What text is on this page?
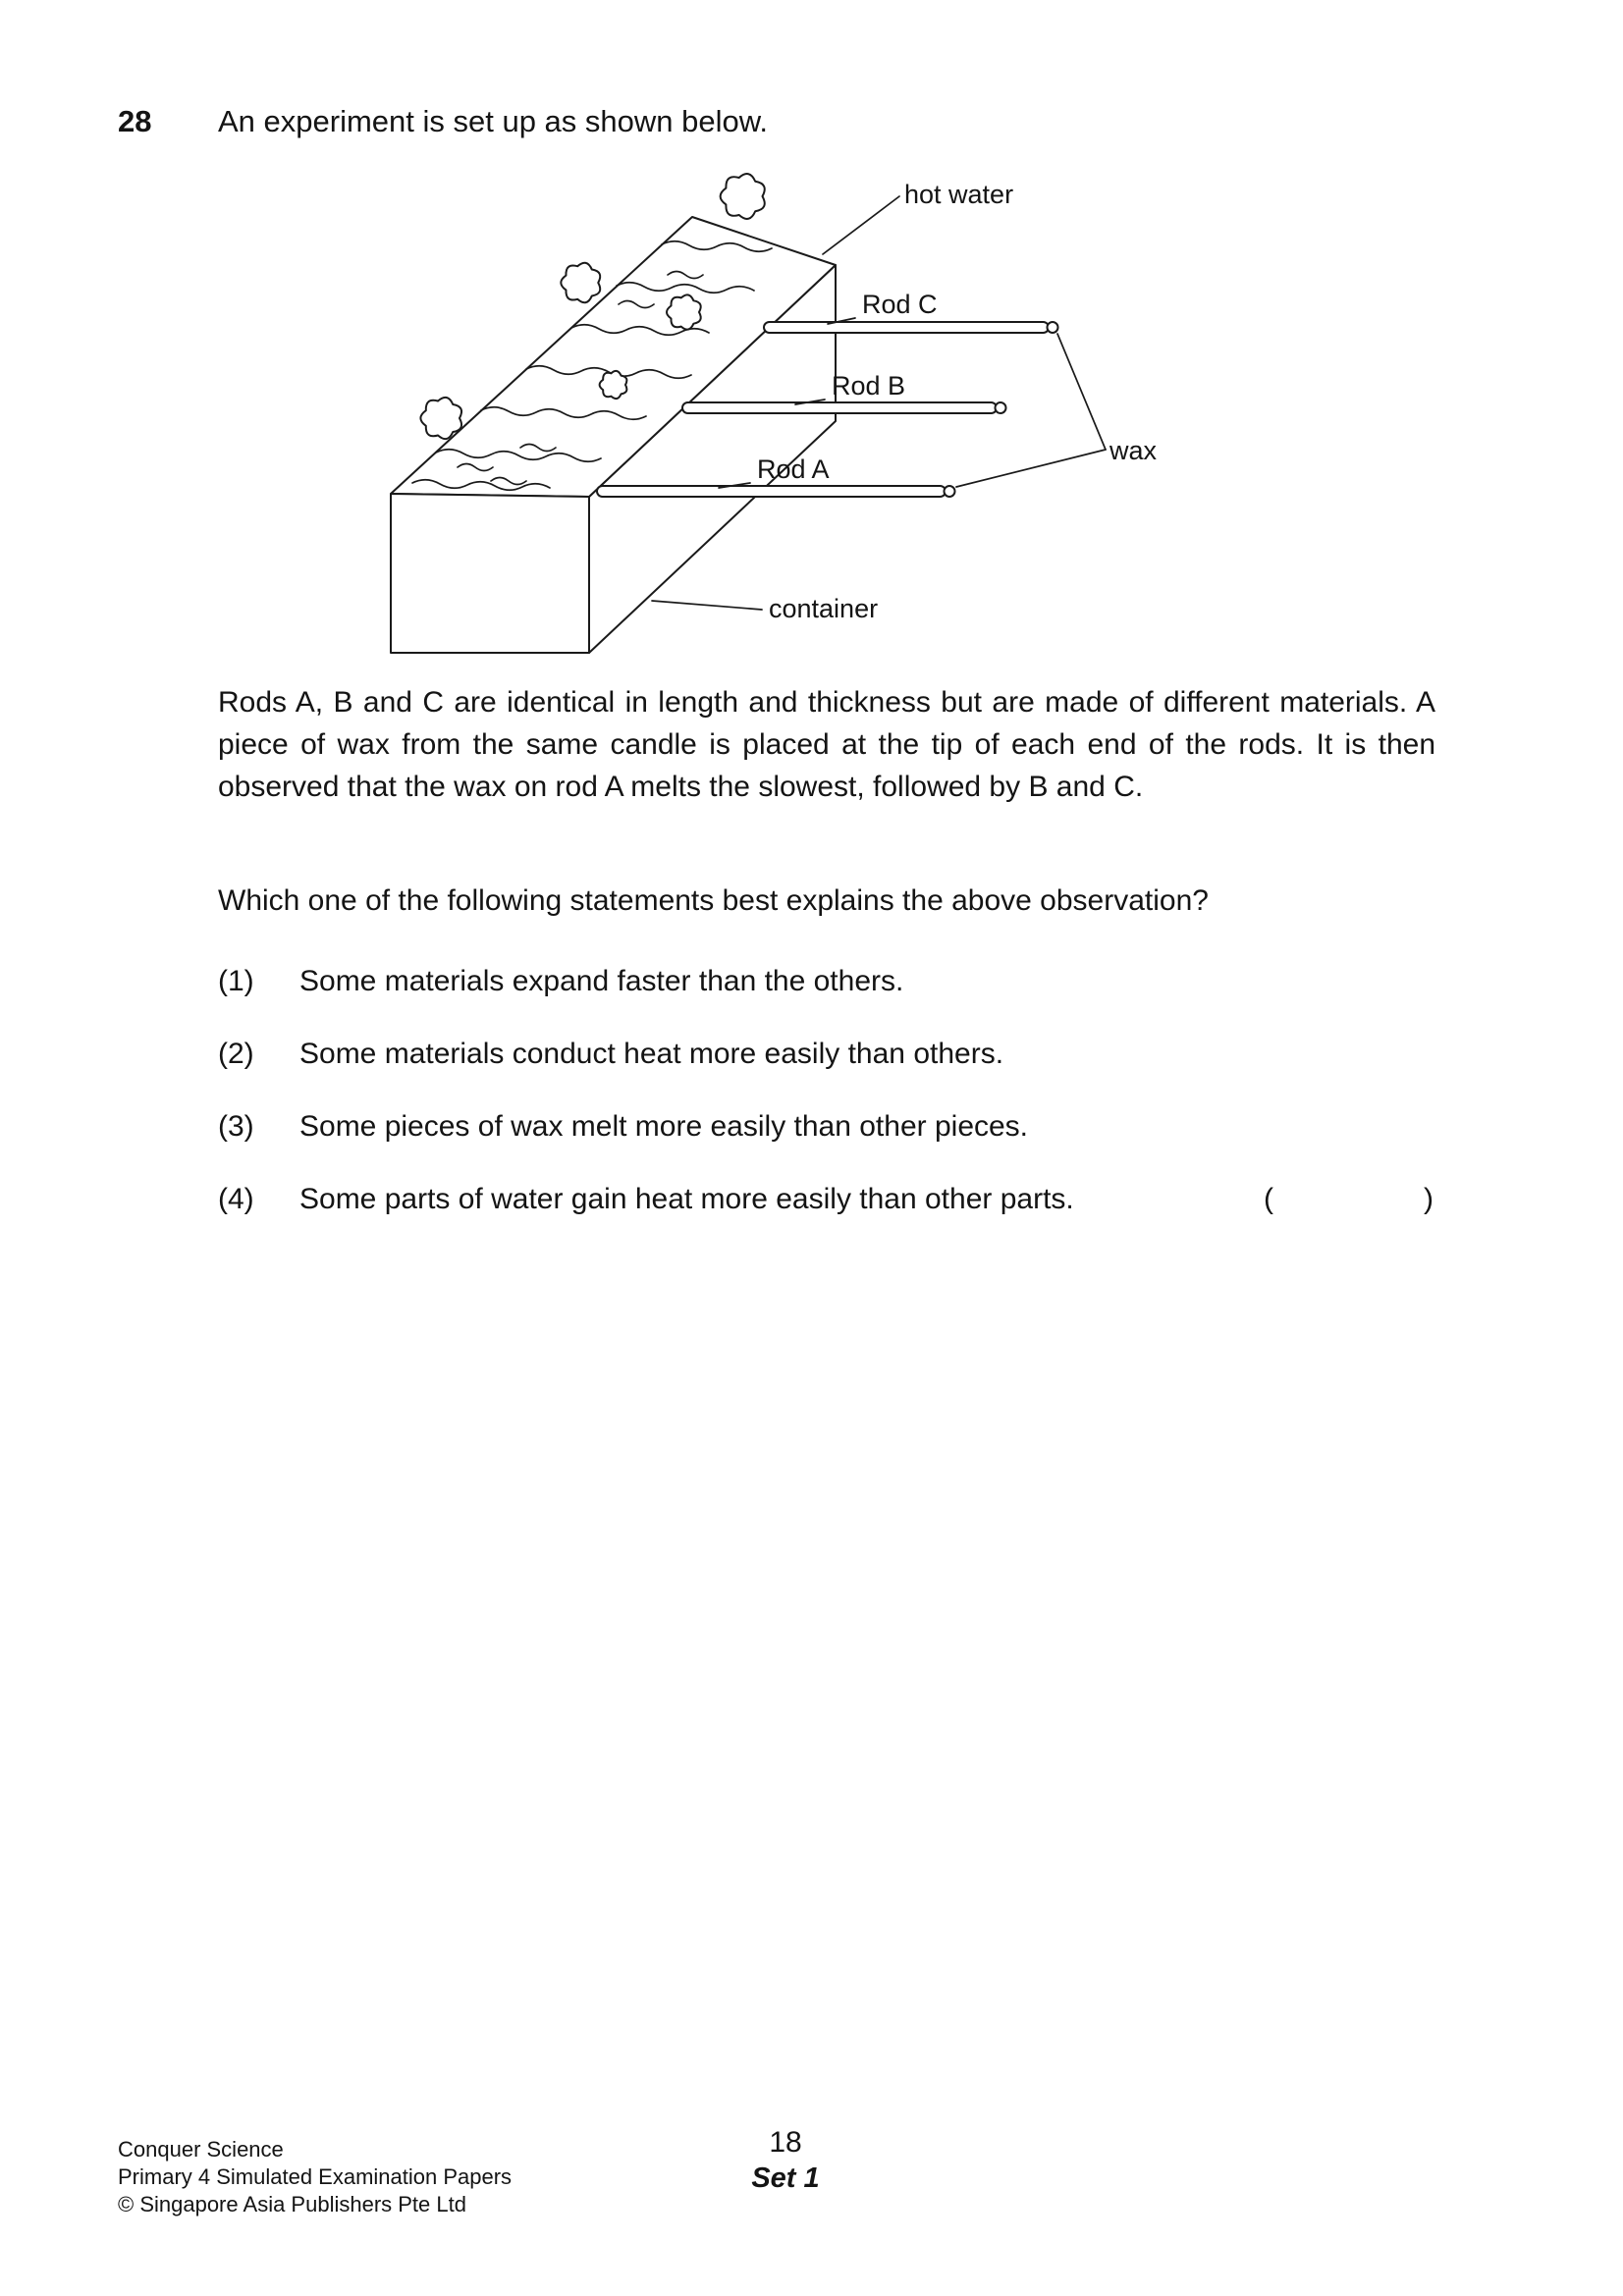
28 An experiment is set up as shown below.
hot water
Rod C
Rod B
Rod A
wax
container

Rods A, B and C are identical in length and thickness but are made of different materials. A piece of wax from the same candle is placed at the tip of each end of the rods. It is then observed that the wax on rod A melts the slowest, followed by B and C.

Which one of the following statements best explains the above observation?

(1)	Some materials expand faster than the others.
(2)	Some materials conduct heat more easily than others.
(3)	Some pieces of wax melt more easily than other pieces.
(4)	Some parts of water gain heat more easily than other parts.	(	)
Conquer Science
Primary 4 Simulated Examination Papers
© Singapore Asia Publishers Pte Ltd
18
Set 1
